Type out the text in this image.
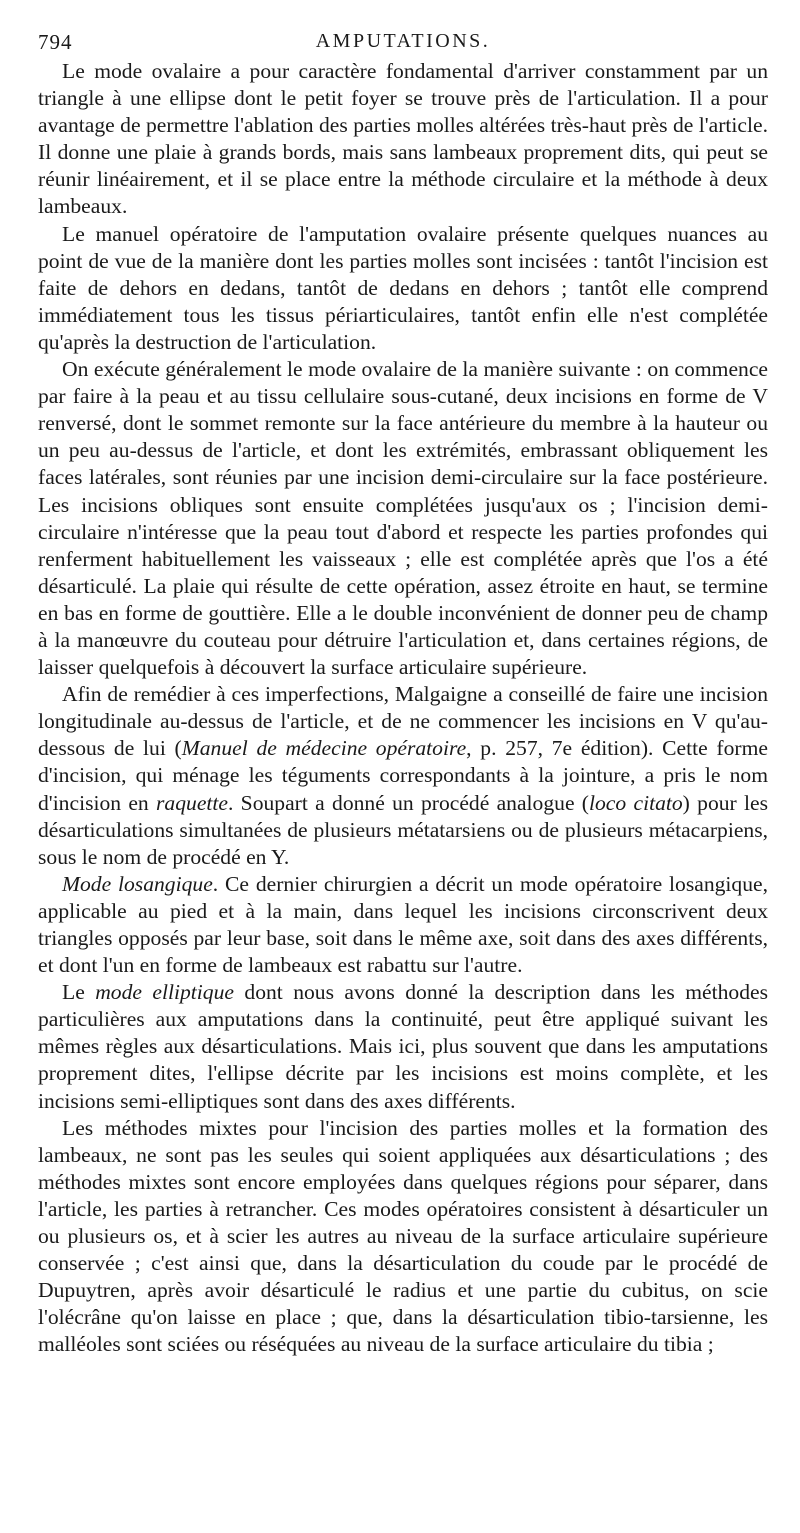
794	AMPUTATIONS.

Le mode ovalaire a pour caractère fondamental d'arriver constamment par un triangle à une ellipse dont le petit foyer se trouve près de l'articulation. Il a pour avantage de permettre l'ablation des parties molles altérées très-haut près de l'article. Il donne une plaie à grands bords, mais sans lambeaux proprement dits, qui peut se réunir linéairement, et il se place entre la méthode circulaire et la méthode à deux lambeaux.

Le manuel opératoire de l'amputation ovalaire présente quelques nuances au point de vue de la manière dont les parties molles sont incisées : tantôt l'incision est faite de dehors en dedans, tantôt de dedans en dehors ; tantôt elle comprend immédiatement tous les tissus périarticulaires, tantôt enfin elle n'est complétée qu'après la destruction de l'articulation.

On exécute généralement le mode ovalaire de la manière suivante : on commence par faire à la peau et au tissu cellulaire sous-cutané, deux incisions en forme de V renversé, dont le sommet remonte sur la face antérieure du membre à la hauteur ou un peu au-dessus de l'article, et dont les extrémités, embrassant obliquement les faces latérales, sont réunies par une incision demi-circulaire sur la face postérieure. Les incisions obliques sont ensuite complétées jusqu'aux os ; l'incision demi-circulaire n'intéresse que la peau tout d'abord et respecte les parties profondes qui renferment habituellement les vaisseaux ; elle est complétée après que l'os a été désarticulé. La plaie qui résulte de cette opération, assez étroite en haut, se termine en bas en forme de gouttière. Elle a le double inconvénient de donner peu de champ à la manœuvre du couteau pour détruire l'articulation et, dans certaines régions, de laisser quelquefois à découvert la surface articulaire supérieure.

Afin de remédier à ces imperfections, Malgaigne a conseillé de faire une incision longitudinale au-dessus de l'article, et de ne commencer les incisions en V qu'au-dessous de lui (Manuel de médecine opératoire, p. 257, 7e édition). Cette forme d'incision, qui ménage les téguments correspondants à la jointure, a pris le nom d'incision en raquette. Soupart a donné un procédé analogue (loco citato) pour les désarticulations simultanées de plusieurs métatarsiens ou de plusieurs métacarpiens, sous le nom de procédé en Y.

Mode losangique. Ce dernier chirurgien a décrit un mode opératoire losangique, applicable au pied et à la main, dans lequel les incisions circonscrivent deux triangles opposés par leur base, soit dans le même axe, soit dans des axes différents, et dont l'un en forme de lambeaux est rabattu sur l'autre.

Le mode elliptique dont nous avons donné la description dans les méthodes particulières aux amputations dans la continuité, peut être appliqué suivant les mêmes règles aux désarticulations. Mais ici, plus souvent que dans les amputations proprement dites, l'ellipse décrite par les incisions est moins complète, et les incisions semi-elliptiques sont dans des axes différents.

Les méthodes mixtes pour l'incision des parties molles et la formation des lambeaux, ne sont pas les seules qui soient appliquées aux désarticulations ; des méthodes mixtes sont encore employées dans quelques régions pour séparer, dans l'article, les parties à retrancher. Ces modes opératoires consistent à désarticuler un ou plusieurs os, et à scier les autres au niveau de la surface articulaire supérieure conservée ; c'est ainsi que, dans la désarticulation du coude par le procédé de Dupuytren, après avoir désarticulé le radius et une partie du cubitus, on scie l'olécrâne qu'on laisse en place ; que, dans la désarticulation tibio-tarsienne, les malléoles sont sciées ou réséquées au niveau de la surface articulaire du tibia ;
